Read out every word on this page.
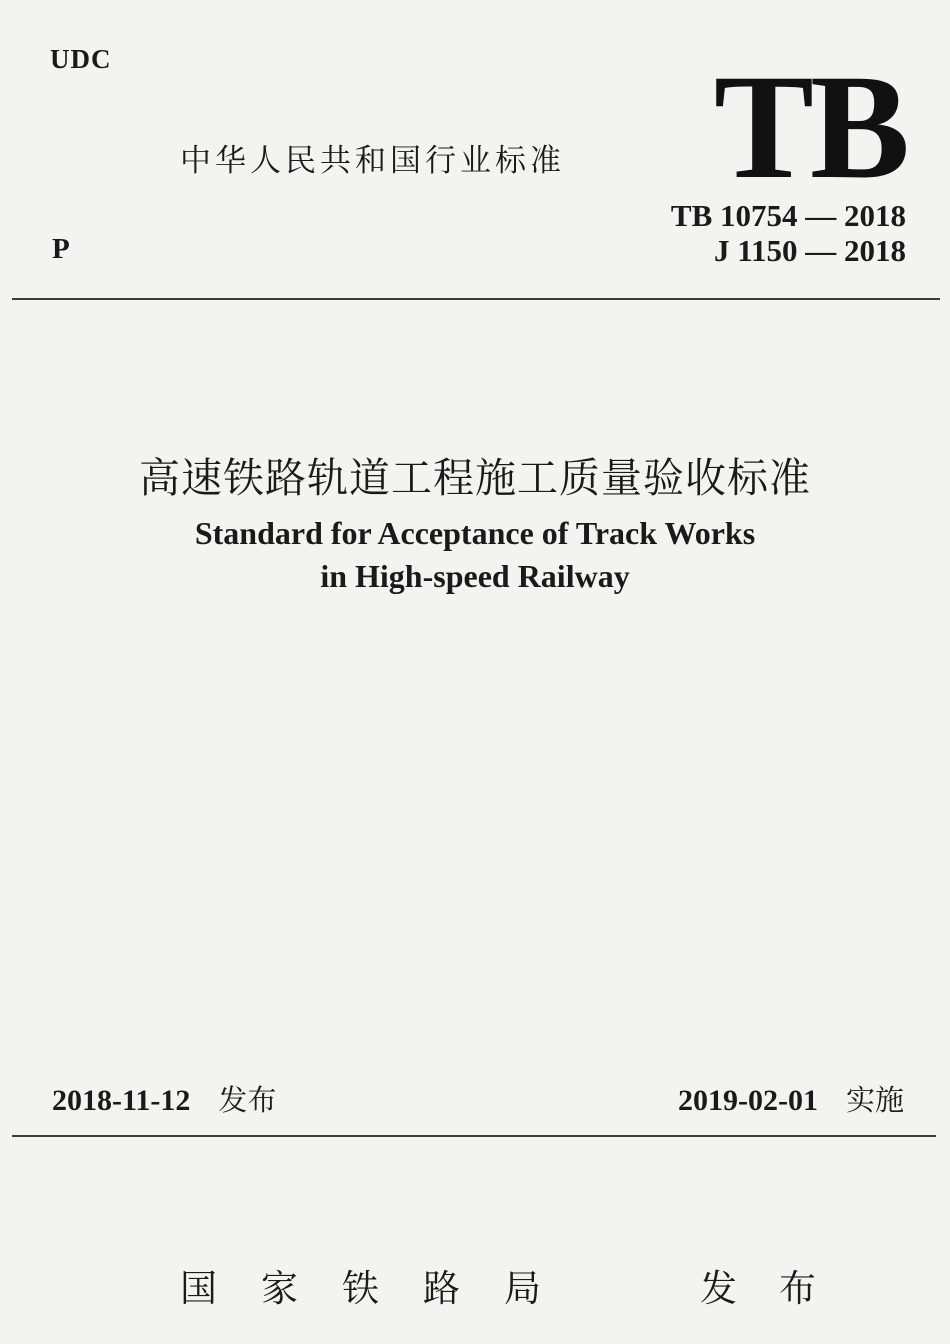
UDC
中华人民共和国行业标准 TB
TB 10754 — 2018
J 1150 — 2018
P
高速铁路轨道工程施工质量验收标准
Standard for Acceptance of Track Works
in High-speed Railway
2018-11-12 发布	2019-02-01 实施
国家铁路局	发布
